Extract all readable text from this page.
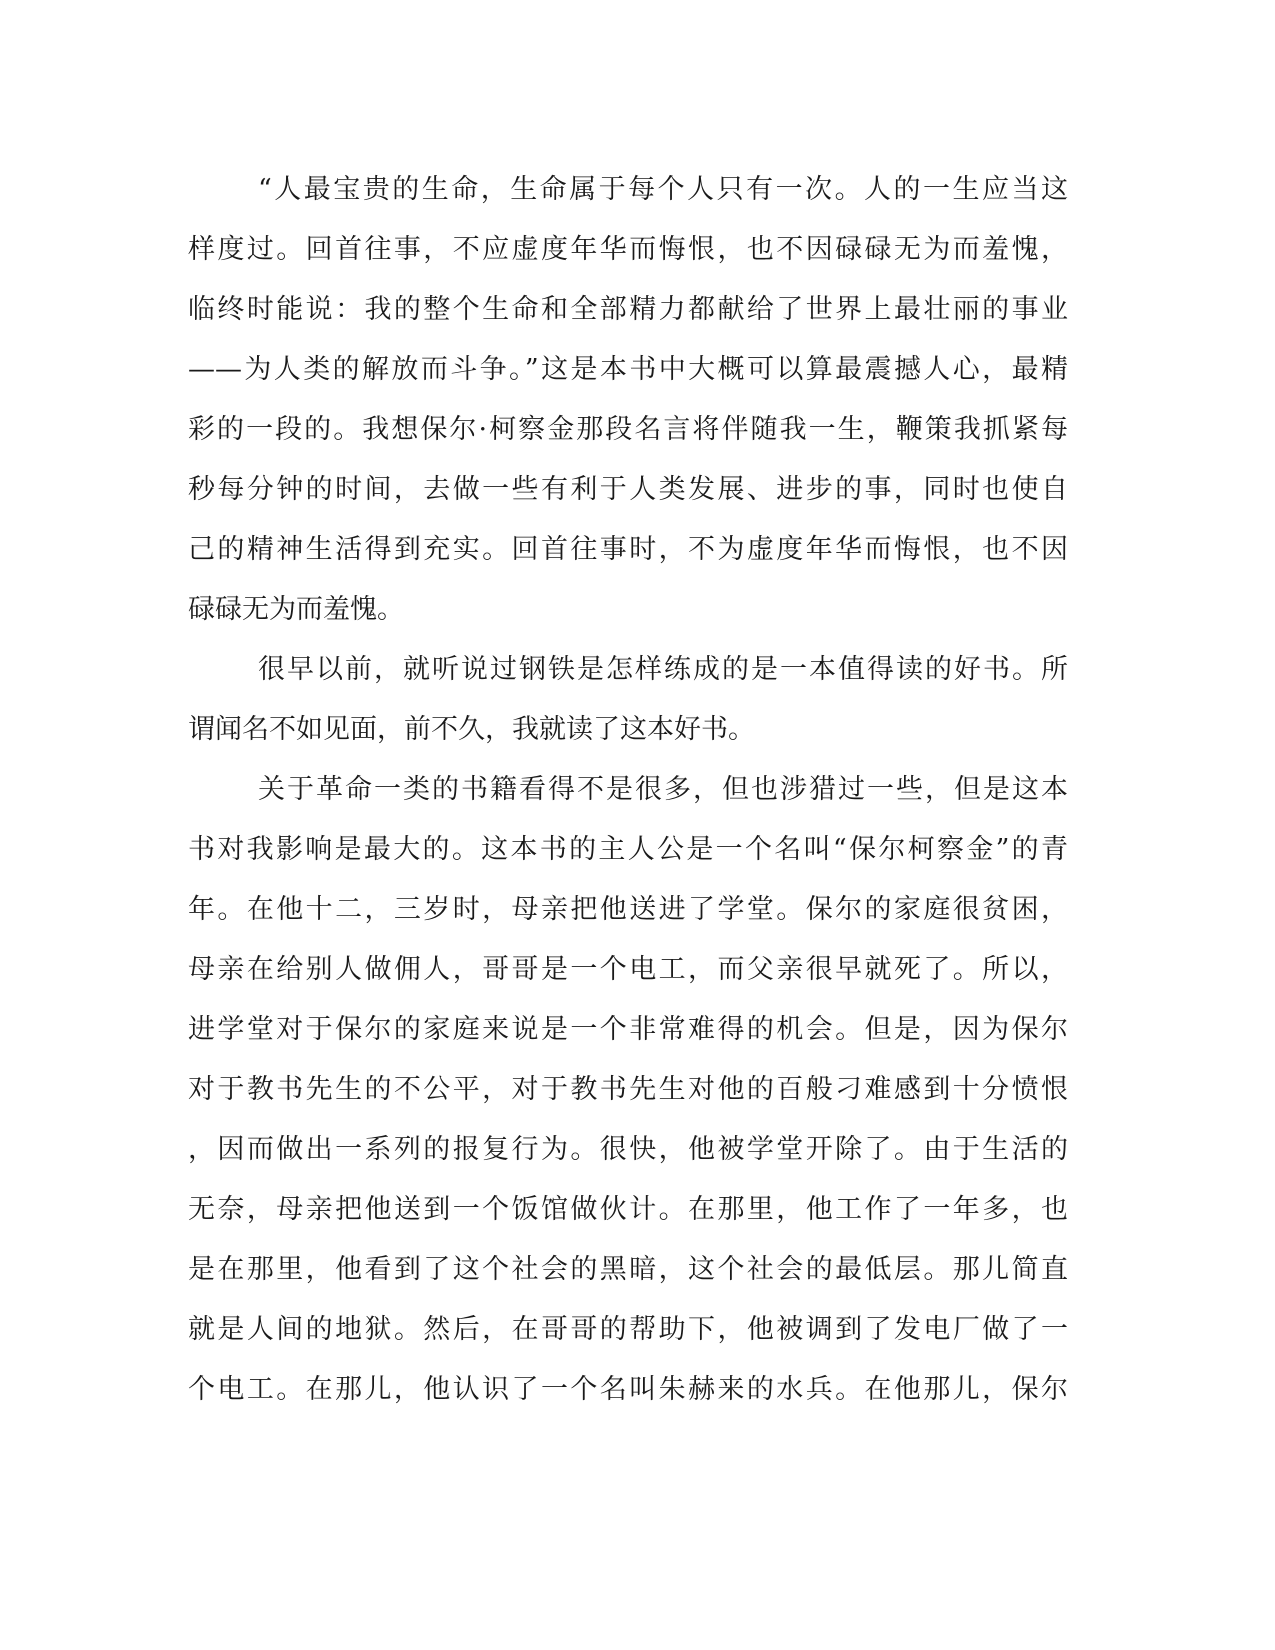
“人最宝贵的生命，生命属于每个人只有一次。人的一生应当这
样度过。回首往事，不应虚度年华而悔恨，也不因碌碌无为而羞愧，
临终时能说：我的整个生命和全部精力都献给了世界上最壮丽的事业
——为人类的解放而斗争。”这是本书中大概可以算最震撼人心，最精
彩的一段的。我想保尔·柯察金那段名言将伴随我一生，鞭策我抓紧每
秒每分钟的时间，去做一些有利于人类发展、进步的事，同时也使自
己的精神生活得到充实。回首往事时，不为虚度年华而悔恨，也不因
碌碌无为而羞愧。
很早以前，就听说过钢铁是怎样练成的是一本值得读的好书。所
谓闻名不如见面，前不久，我就读了这本好书。
关于革命一类的书籍看得不是很多，但也涉猎过一些，但是这本
书对我影响是最大的。这本书的主人公是一个名叫“保尔柯察金”的青
年。在他十二，三岁时，母亲把他送进了学堂。保尔的家庭很贫困，
母亲在给别人做佣人，哥哥是一个电工，而父亲很早就死了。所以，
进学堂对于保尔的家庭来说是一个非常难得的机会。但是，因为保尔
对于教书先生的不公平，对于教书先生对他的百般刁难感到十分愤恨
，因而做出一系列的报复行为。很快，他被学堂开除了。由于生活的
无奈，母亲把他送到一个饭馆做伙计。在那里，他工作了一年多，也
是在那里，他看到了这个社会的黑暗，这个社会的最低层。那儿简直
就是人间的地狱。然后，在哥哥的帮助下，他被调到了发电厂做了一
个电工。在那儿，他认识了一个名叫朱赫来的水兵。在他那儿，保尔
